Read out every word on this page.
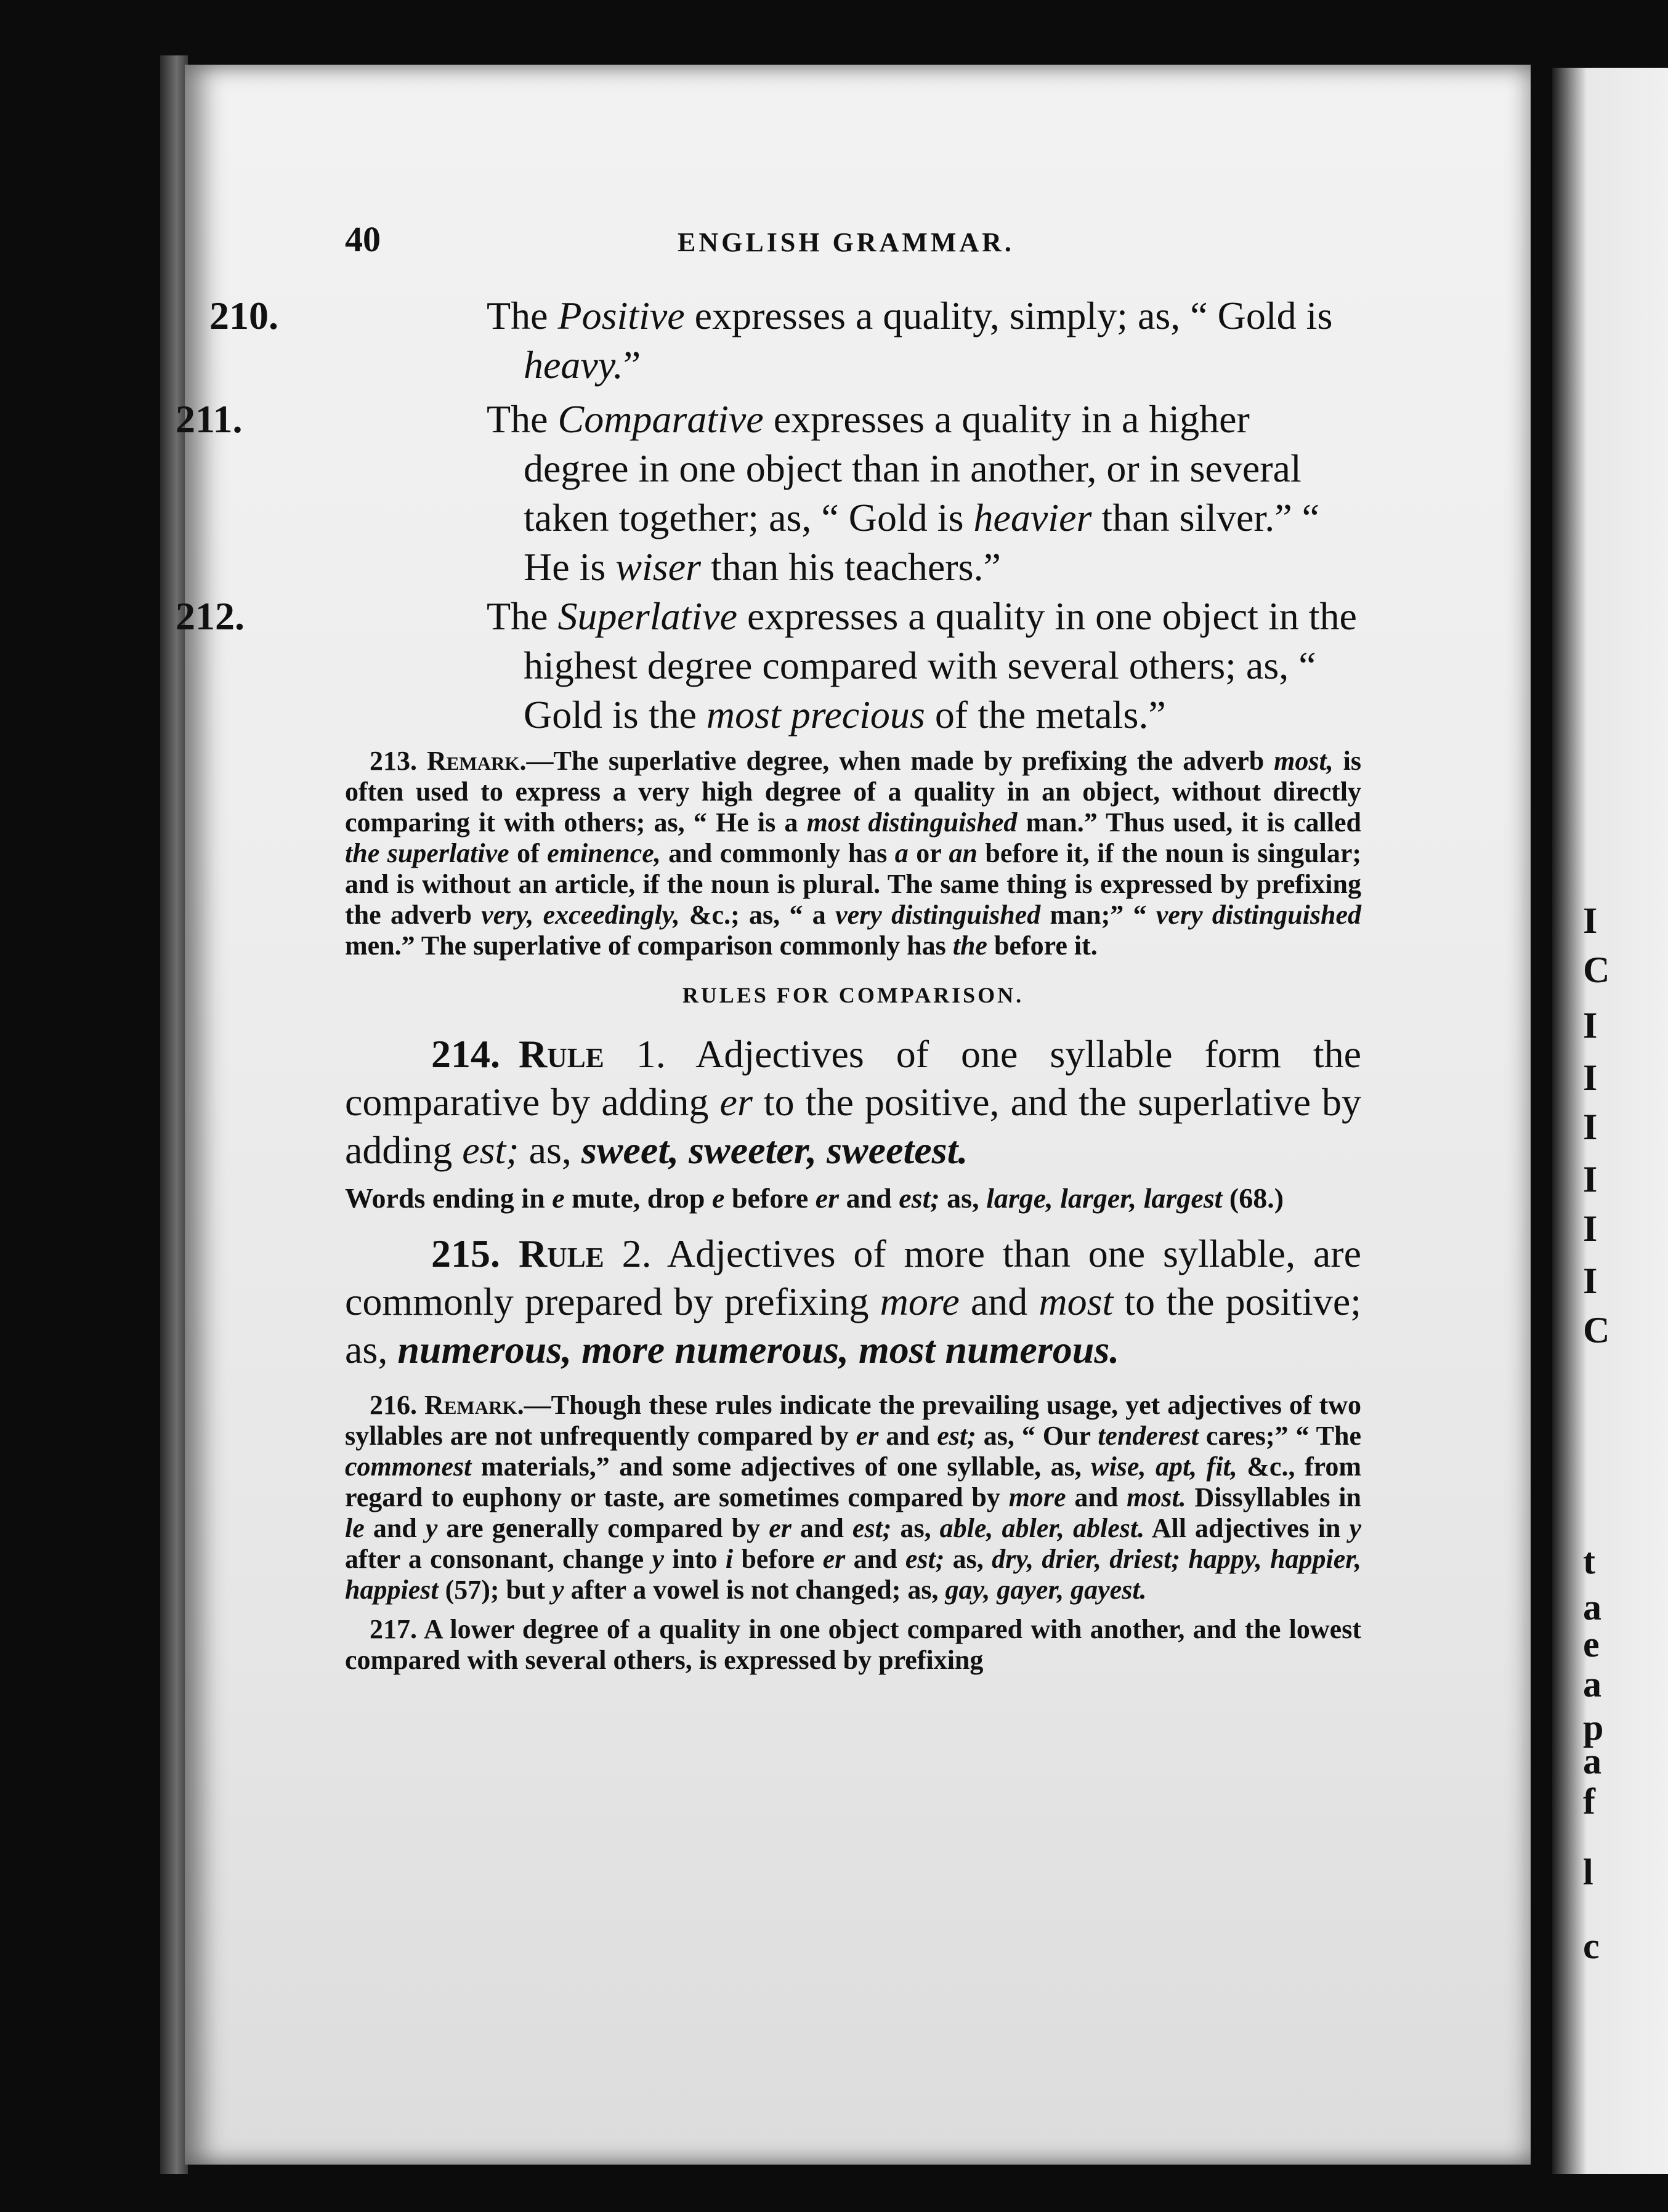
I
C
I
I
I
I
I
I
C
t
a
e
a
p
a
f
l
c
40	ENGLISH GRAMMAR.

210.	The Positive expresses a quality, simply; as, “ Gold is heavy.”

211.	The Comparative expresses a quality in a higher degree in one object than in another, or in several taken together; as, “ Gold is heavier than silver.” “ He is wiser than his teachers.”

212.	The Superlative expresses a quality in one object in the highest degree compared with several others; as, “ Gold is the most precious of the metals.”

213. Remark.—The superlative degree, when made by prefixing the adverb most, is often used to express a very high degree of a quality in an object, without directly comparing it with others; as, “ He is a most distinguished man.” Thus used, it is called the superlative of eminence, and commonly has a or an before it, if the noun is singular; and is without an article, if the noun is plural. The same thing is expressed by prefixing the adverb very, exceedingly, &c.; as, “ a very distinguished man;” “ very distinguished men.” The superlative of comparison commonly has the before it.

RULES FOR COMPARISON.

214. Rule 1. Adjectives of one syllable form the comparative by adding er to the positive, and the superlative by adding est; as, sweet, sweeter, sweetest.

Words ending in e mute, drop e before er and est; as, large, larger, largest (68.)

215. Rule 2. Adjectives of more than one syllable, are commonly prepared by prefixing more and most to the positive; as, numerous, more numerous, most numerous.

216. Remark.—Though these rules indicate the prevailing usage, yet adjectives of two syllables are not unfrequently compared by er and est; as, “ Our tenderest cares;” “ The commonest materials,” and some adjectives of one syllable, as, wise, apt, fit, &c., from regard to euphony or taste, are sometimes compared by more and most. Dissyllables in le and y are generally compared by er and est; as, able, abler, ablest. All adjectives in y after a consonant, change y into i before er and est; as, dry, drier, driest; happy, happier, happiest (57); but y after a vowel is not changed; as, gay, gayer, gayest.

217. A lower degree of a quality in one object compared with another, and the lowest compared with several others, is expressed by prefixing
